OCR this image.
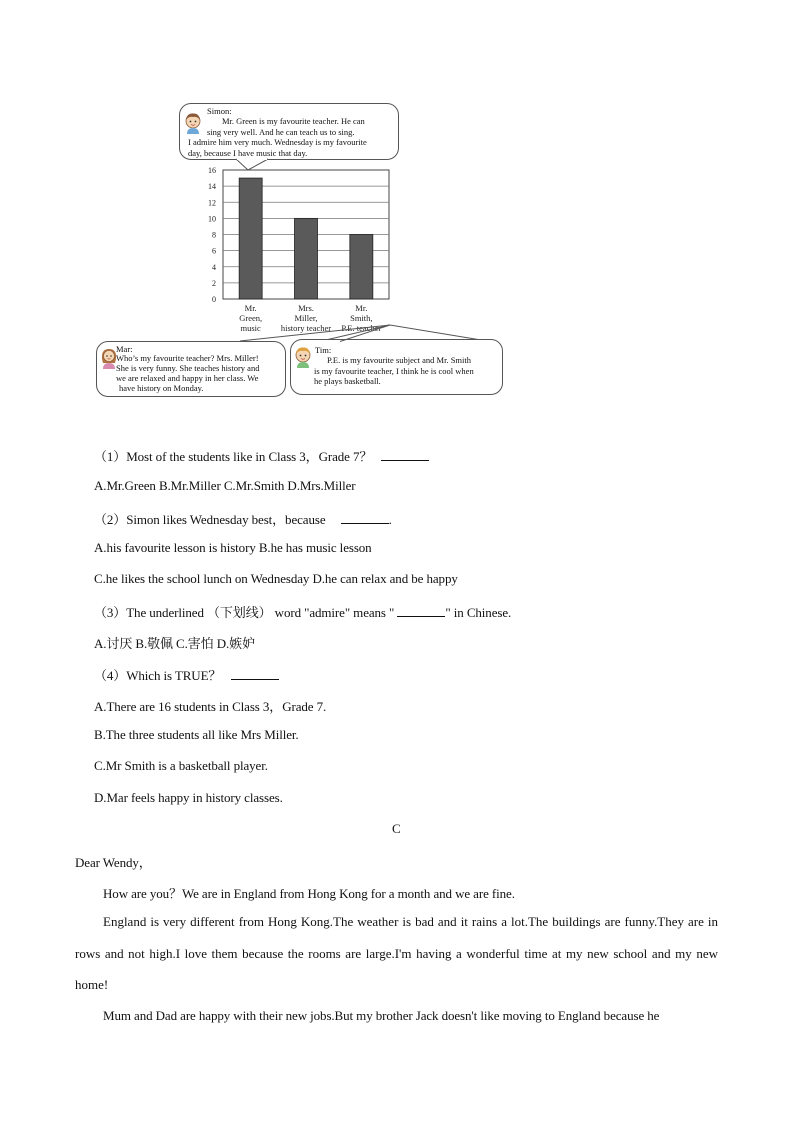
Simon:
Mr. Green is my favourite teacher. He can
sing very well. And he can teach us to sing.
I admire him very much. Wednesday is my favourite
day, because I have music that day.
0
2
4
6
8
10
12
14
16
Mr. Green, music
Mrs. Miller, history teacher
Mr. Smith, P.E. teacher
Mar:
Who’s my favourite teacher? Mrs. Miller!
She is very funny. She teaches history and
we are relaxed and happy in her class. We
have history on Monday.
Tim:
P.E. is my favourite subject and Mr. Smith
is my favourite teacher, I think he is cool when
he plays basketball.
（1）Most of the students like in Class 3，Grade 7？
A.Mr.Green B.Mr.Miller C.Mr.Smith D.Mrs.Miller
（2）Simon likes Wednesday best，because	.
A.his favourite lesson is history B.he has music lesson
C.he likes the school lunch on Wednesday D.he can relax and be happy
（3）The underlined （下划线） word "admire" means "	" in Chinese.
A.讨厌 B.敬佩 C.害怕 D.嫉妒
（4）Which is TRUE？
A.There are 16 students in Class 3，Grade 7.
B.The three students all like Mrs Miller.
C.Mr Smith is a basketball player.
D.Mar feels happy in history classes.
C
Dear Wendy，
How are you？We are in England from Hong Kong for a month and we are fine.
England is very different from Hong Kong.The weather is bad and it rains a lot.The buildings are funny.They are in rows and not high.I love them because the rooms are large.I'm having a wonderful time at my new school and my new home!
Mum and Dad are happy with their new jobs.But my brother Jack doesn't like moving to England because he
